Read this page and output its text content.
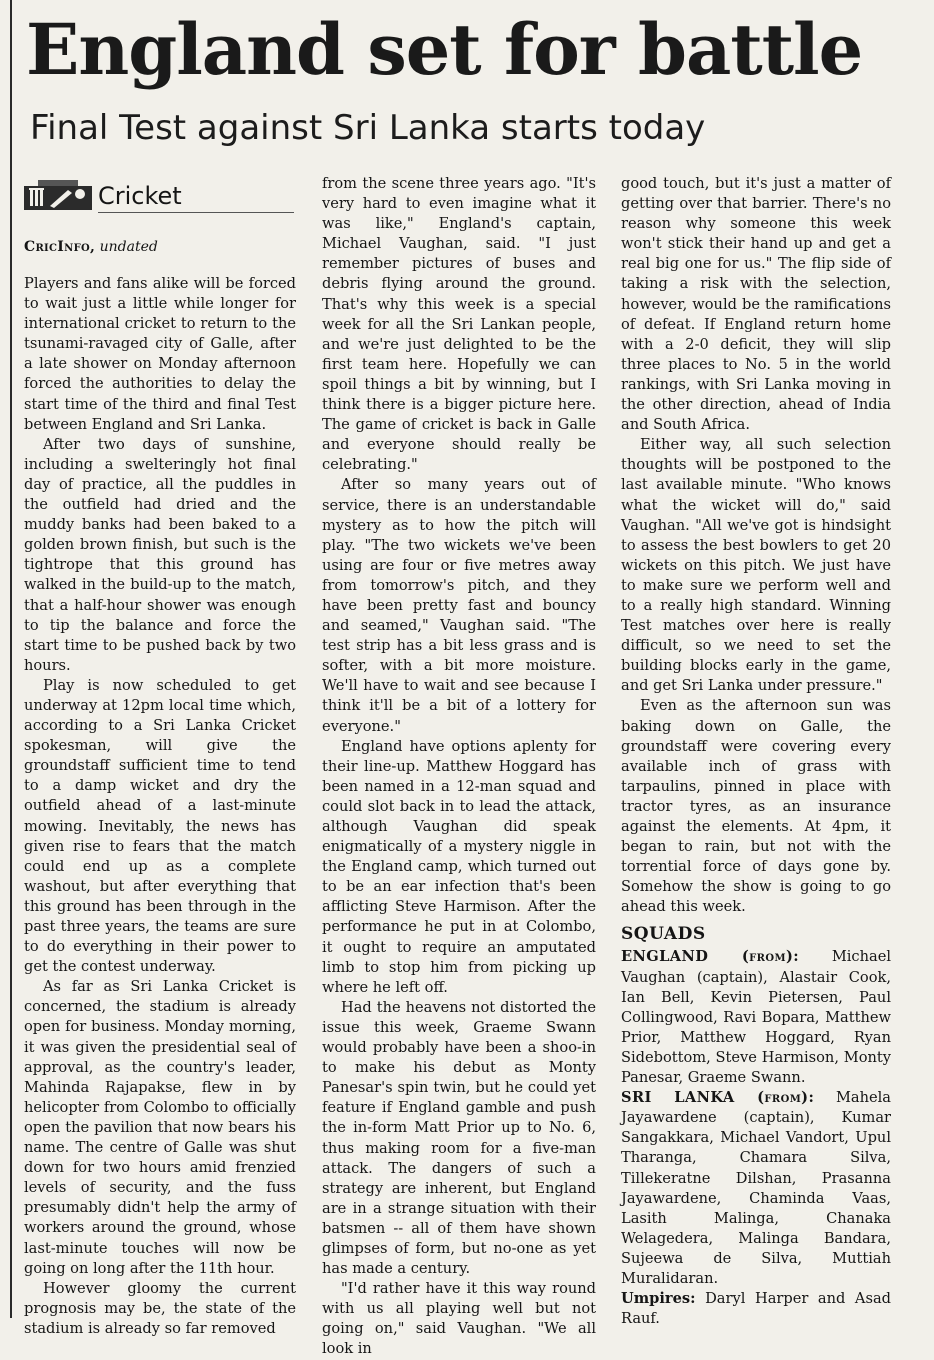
England set for battle
Final Test against Sri Lanka starts today
Cricket
CricInfo, undated

Players and fans alike will be forced to wait just a little while longer for international cricket to return to the tsunami-ravaged city of Galle, after a late shower on Monday afternoon forced the authorities to delay the start time of the third and final Test between England and Sri Lanka.

After two days of sunshine, including a swelteringly hot final day of practice, all the puddles in the outfield had dried and the muddy banks had been baked to a golden brown finish, but such is the tightrope that this ground has walked in the build-up to the match, that a half-hour shower was enough to tip the balance and force the start time to be pushed back by two hours.

Play is now scheduled to get underway at 12pm local time which, according to a Sri Lanka Cricket spokesman, will give the groundstaff sufficient time to tend to a damp wicket and dry the outfield ahead of a last-minute mowing. Inevitably, the news has given rise to fears that the match could end up as a complete washout, but after everything that this ground has been through in the past three years, the teams are sure to do everything in their power to get the contest underway.

As far as Sri Lanka Cricket is concerned, the stadium is already open for business. Monday morning, it was given the presidential seal of approval, as the country's leader, Mahinda Rajapakse, flew in by helicopter from Colombo to officially open the pavilion that now bears his name. The centre of Galle was shut down for two hours amid frenzied levels of security, and the fuss presumably didn't help the army of workers around the ground, whose last-minute touches will now be going on long after the 11th hour.

However gloomy the current prognosis may be, the state of the stadium is already so far removed

from the scene three years ago. "It's very hard to even imagine what it was like," England's captain, Michael Vaughan, said. "I just remember pictures of buses and debris flying around the ground. That's why this week is a special week for all the Sri Lankan people, and we're just delighted to be the first team here. Hopefully we can spoil things a bit by winning, but I think there is a bigger picture here. The game of cricket is back in Galle and everyone should really be celebrating."

After so many years out of service, there is an understandable mystery as to how the pitch will play. "The two wickets we've been using are four or five metres away from tomorrow's pitch, and they have been pretty fast and bouncy and seamed," Vaughan said. "The test strip has a bit less grass and is softer, with a bit more moisture. We'll have to wait and see because I think it'll be a bit of a lottery for everyone."

England have options aplenty for their line-up. Matthew Hoggard has been named in a 12-man squad and could slot back in to lead the attack, although Vaughan did speak enigmatically of a mystery niggle in the England camp, which turned out to be an ear infection that's been afflicting Steve Harmison. After the performance he put in at Colombo, it ought to require an amputated limb to stop him from picking up where he left off.

Had the heavens not distorted the issue this week, Graeme Swann would probably have been a shoo-in to make his debut as Monty Panesar's spin twin, but he could yet feature if England gamble and push the in-form Matt Prior up to No. 6, thus making room for a five-man attack. The dangers of such a strategy are inherent, but England are in a strange situation with their batsmen -- all of them have shown glimpses of form, but no-one as yet has made a century.

"I'd rather have it this way round with us all playing well but not going on," said Vaughan. "We all look in

good touch, but it's just a matter of getting over that barrier. There's no reason why someone this week won't stick their hand up and get a real big one for us." The flip side of taking a risk with the selection, however, would be the ramifications of defeat. If England return home with a 2-0 deficit, they will slip three places to No. 5 in the world rankings, with Sri Lanka moving in the other direction, ahead of India and South Africa.

Either way, all such selection thoughts will be postponed to the last available minute. "Who knows what the wicket will do," said Vaughan. "All we've got is hindsight to assess the best bowlers to get 20 wickets on this pitch. We just have to make sure we perform well and to a really high standard. Winning Test matches over here is really difficult, so we need to set the building blocks early in the game, and get Sri Lanka under pressure."

Even as the afternoon sun was baking down on Galle, the groundstaff were covering every available inch of grass with tarpaulins, pinned in place with tractor tyres, as an insurance against the elements. At 4pm, it began to rain, but not with the torrential force of days gone by. Somehow the show is going to go ahead this week.

SQUADS

ENGLAND (from): Michael Vaughan (captain), Alastair Cook, Ian Bell, Kevin Pietersen, Paul Collingwood, Ravi Bopara, Matthew Prior, Matthew Hoggard, Ryan Sidebottom, Steve Harmison, Monty Panesar, Graeme Swann.

SRI LANKA (from): Mahela Jayawardene (captain), Kumar Sangakkara, Michael Vandort, Upul Tharanga, Chamara Silva, Tillekeratne Dilshan, Prasanna Jayawardene, Chaminda Vaas, Lasith Malinga, Chanaka Welagedera, Malinga Bandara, Sujeewa de Silva, Muttiah Muralidaran.

Umpires: Daryl Harper and Asad Rauf.
